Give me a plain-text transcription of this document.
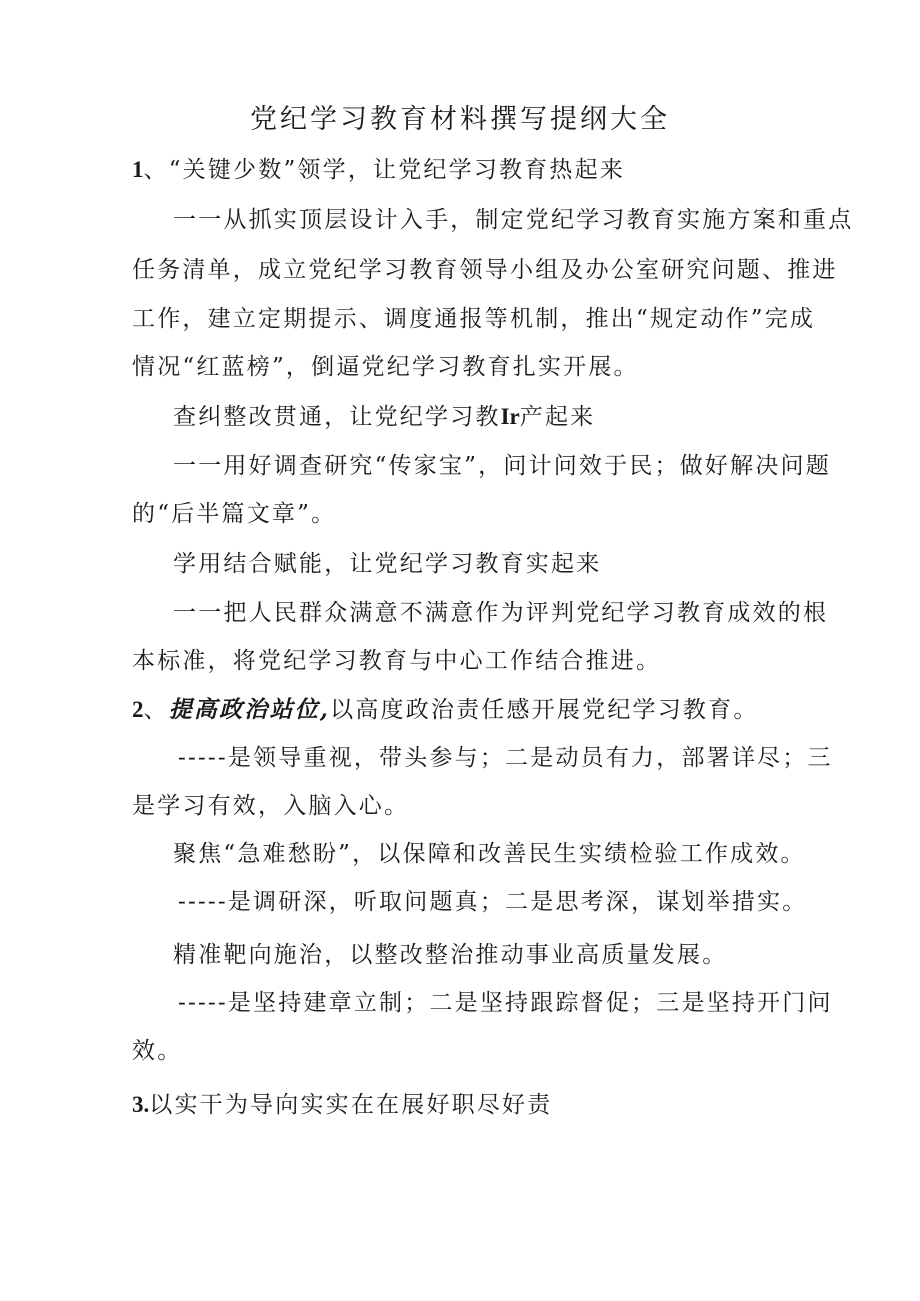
党纪学习教育材料撰写提纲大全
1、“关键少数”领学，让党纪学习教育热起来
一一从抓实顶层设计入手，制定党纪学习教育实施方案和重点
任务清单，成立党纪学习教育领导小组及办公室研究问题、推进
工作，建立定期提示、调度通报等机制，推出“规定动作”完成
情况“红蓝榜”，倒逼党纪学习教育扎实开展。
查纠整改贯通，让党纪学习教Ir产起来
一一用好调查研究“传家宝”，问计问效于民；做好解决问题
的“后半篇文章”。
学用结合赋能，让党纪学习教育实起来
一一把人民群众满意不满意作为评判党纪学习教育成效的根
本标准，将党纪学习教育与中心工作结合推进。
2、提高政治站位,以高度政治责任感开展党纪学习教育。
-----是领导重视，带头参与；二是动员有力，部署详尽；三
是学习有效，入脑入心。
聚焦“急难愁盼”，以保障和改善民生实绩检验工作成效。
-----是调研深，听取问题真；二是思考深，谋划举措实。
精准靶向施治，以整改整治推动事业高质量发展。
-----是坚持建章立制；二是坚持跟踪督促；三是坚持开门问
效。
3.以实干为导向实实在在展好职尽好责
